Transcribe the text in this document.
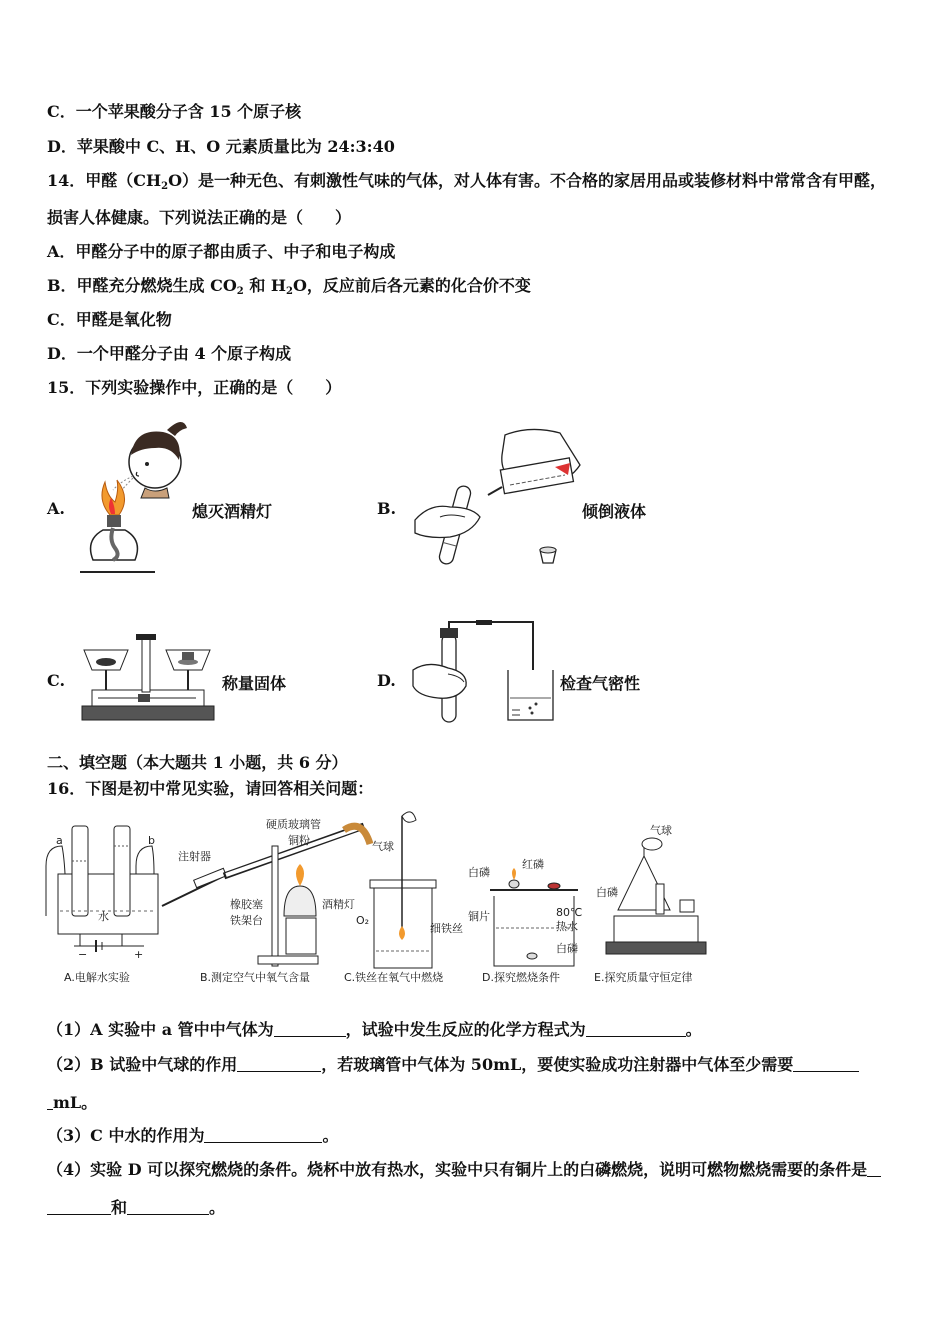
C．一个苹果酸分子含 15 个原子核
D．苹果酸中 C、H、O 元素质量比为 24:3:40
14．甲醛$(CH_2O)$是一种无色、有刺激性气味的气体，对人体有害。不合格的家居用品或装修材料中常常含有甲醛，
损害人体健康。下列说法正确的是（　　）
A．甲醛分子中的原子都由质子、中子和电子构成
B．甲醛充分燃烧生成 $CO_2$ 和 $H_2O$，反应前后各元素的化合价不变
C．甲醛是氧化物
D．一个甲醛分子由 4 个原子构成
15．下列实验操作中，正确的是（　　）
A.	熄灭酒精灯	B.	倾倒液体
C.	称量固体	D.	检查气密性
二、填空题（本大题共 1 小题，共 6 分）
16．下图是初中常见实验，请回答相关问题：
a	b
水
−	+
A.电解水实验
注射器
硬质玻璃管
铜粉	气球
橡胶塞
铁架台
酒精灯
B.测定空气中氧气含量
O₂
细铁丝
C.铁丝在氧气中燃烧
白磷
红磷
铜片	80℃
热水
白磷
D.探究燃烧条件
气球
白磷
E.探究质量守恒定律
（1）A 实验中 a 管中中气体为	，试验中发生反应的化学方程式为	。
（2）B 试验中气球的作用	，若玻璃管中气体为 50mL，要使实验成功注射器中气体至少需要
mL。
（3）C 中水的作用为	。
（4）实验 D 可以探究燃烧的条件。烧杯中放有热水，实验中只有铜片上的白磷燃烧，说明可燃物燃烧需要的条件是
和	。
